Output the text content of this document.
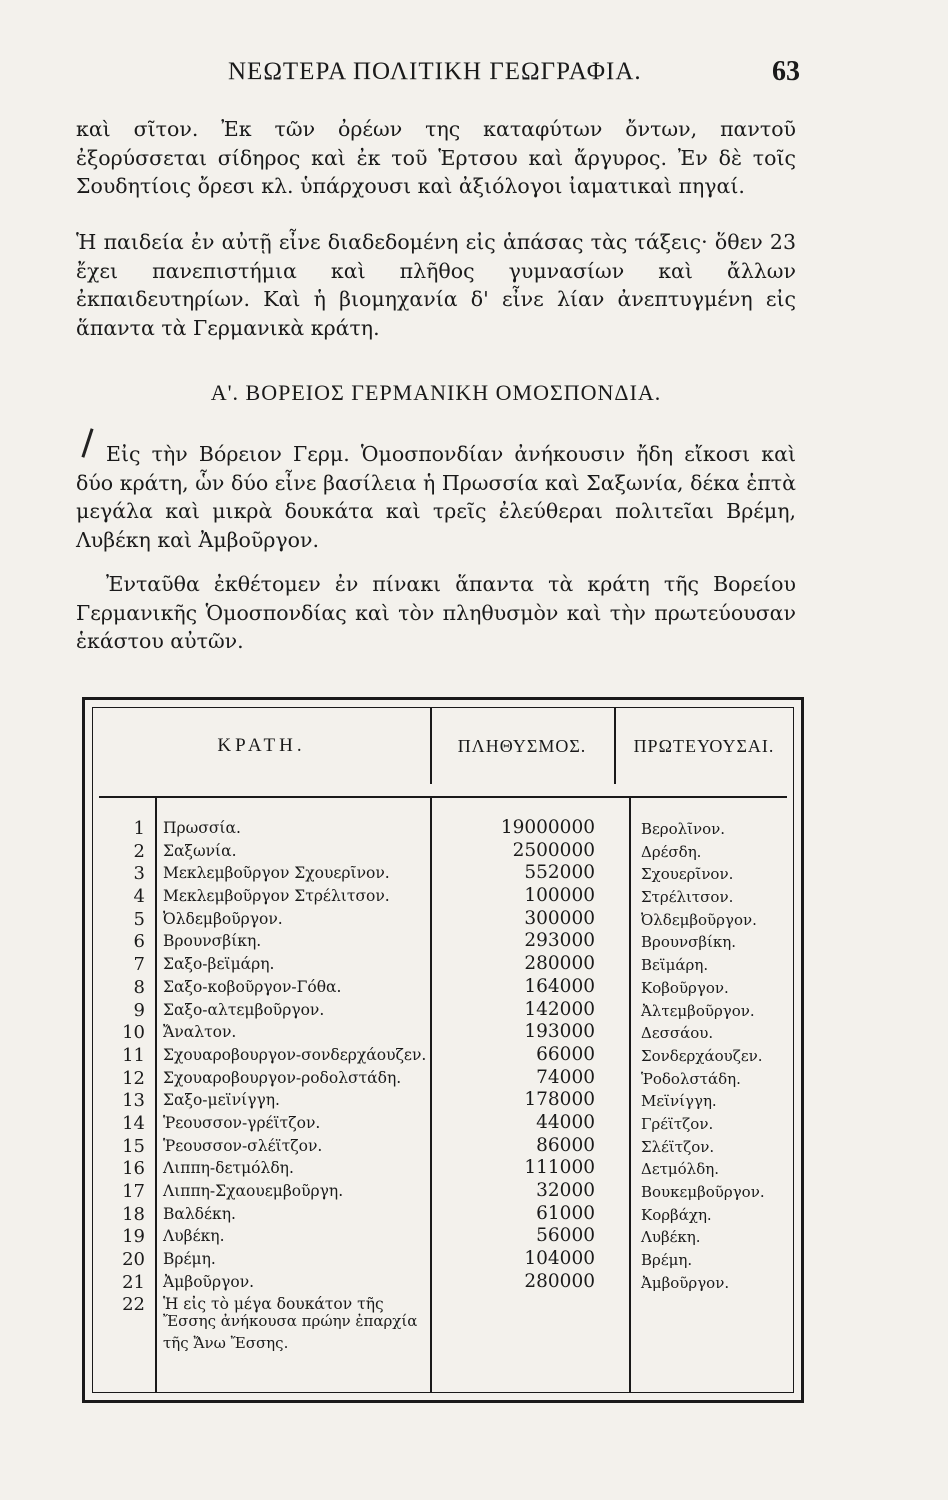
ΝΕΩΤΕΡΑ ΠΟΛΙΤΙΚΗ ΓΕΩΓΡΑΦΙΑ.	63
καὶ σῖτον. Ἐκ τῶν ὀρέων της καταφύτων ὄντων, παντοῦ ἐξορύσσεται σίδηρος καὶ ἐκ τοῦ Ἑρτσου καὶ ἄργυρος. Ἐν δὲ τοῖς Σουδητίοις ὄρεσι κλ. ὑπάρχουσι καὶ ἀξιόλογοι ἰαματικαὶ πηγαί.
Ἡ παιδεία ἐν αὐτῇ εἶνε διαδεδομένη εἰς ἁπάσας τὰς τάξεις· ὅθεν 23 ἔχει πανεπιστήμια καὶ πλῆθος γυμνασίων καὶ ἄλλων ἐκπαιδευτηρίων. Καὶ ἡ βιομηχανία δ' εἶνε λίαν ἀνεπτυγμένη εἰς ἅπαντα τὰ Γερμανικὰ κράτη.
Α'. ΒΟΡΕΙΟΣ ΓΕΡΜΑΝΙΚΗ ΟΜΟΣΠΟΝΔΙΑ.
Εἰς τὴν Βόρειον Γερμ. Ὁμοσπονδίαν ἀνήκουσιν ἤδη εἴκοσι καὶ δύο κράτη, ὧν δύο εἶνε βασίλεια ἡ Πρωσσία καὶ Σαξωνία, δέκα ἑπτὰ μεγάλα καὶ μικρὰ δουκάτα καὶ τρεῖς ἐλεύθεραι πολιτεῖαι Βρέμη, Λυβέκη καὶ Ἀμβοῦργον.
Ἐνταῦθα ἐκθέτομεν ἐν πίνακι ἅπαντα τὰ κράτη τῆς Βορείου Γερμανικῆς Ὁμοσπονδίας καὶ τὸν πληθυσμὸν καὶ τὴν πρωτεύουσαν ἑκάστου αὐτῶν.
ΚΡΑΤΗ.	ΠΛΗΘΥΣΜΟΣ.	ΠΡΩΤΕΥΟΥΣΑΙ.
1 Πρωσσία.	19000000	Βερολῖνον.
2 Σαξωνία.	2500000	Δρέσδη.
3 Μεκλεμβοῦργον Σχουερῖνον.	552000	Σχουερῖνον.
4 Μεκλεμβοῦργον Στρέλιτσον.	100000	Στρέλιτσον.
5 Ὀλδεμβοῦργον.	300000	Ὀλδεμβοῦργον.
6 Βρουνσβίκη.	293000	Βρουνσβίκη.
7 Σαξο-βεϊμάρη.	280000	Βεϊμάρη.
8 Σαξο-κοβοῦργον-Γόθα.	164000	Κοβοῦργον.
9 Σαξο-αλτεμβοῦργον.	142000	Ἀλτεμβοῦργον.
10 Ἄναλτον.	193000	Δεσσάου.
11 Σχουαροβουργον-σονδερχάουζεν.	66000	Σονδερχάουζεν.
12 Σχουαροβουργον-ροδολστάδη.	74000	Ῥοδολστάδη.
13 Σαξο-μεϊνίγγη.	178000	Μεϊνίγγη.
14 Ῥεουσσον-γρέϊτζον.	44000	Γρέϊτζον.
15 Ῥεουσσον-σλέϊτζον.	86000	Σλέϊτζον.
16 Λιππη-δετμόλδη.	111000	Δετμόλδη.
17 Λιππη-Σχαουεμβοῦργη.	32000	Βουκεμβοῦργον.
18 Βαλδέκη.	61000	Κορβάχη.
19 Λυβέκη.	56000	Λυβέκη.
20 Βρέμη.	104000	Βρέμη.
21 Ἀμβοῦργον.	280000	Ἀμβοῦργον.
22 Ἡ εἰς τὸ μέγα δουκάτον τῆς
Ἔσσης ἀνήκουσα πρώην ἐπαρχία
τῆς Ἄνω Ἔσσης.
